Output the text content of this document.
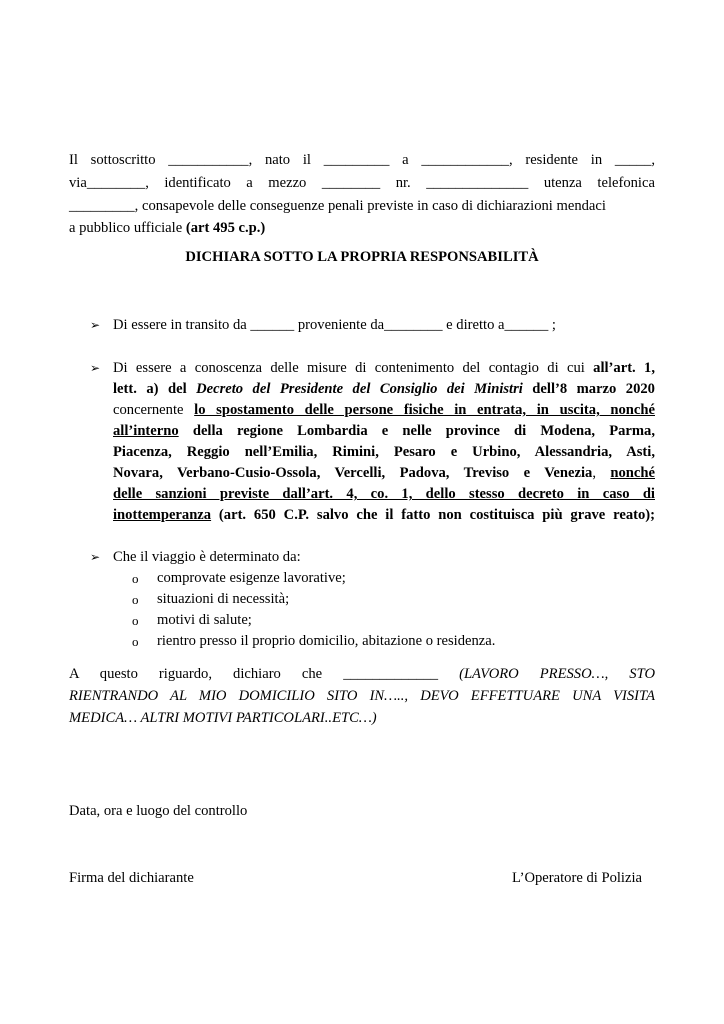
Il sottoscritto ___________, nato il _________ a ____________, residente in _____,
via________, identificato a mezzo ________ nr. ______________ utenza telefonica
_________, consapevole delle conseguenze penali previste in caso di dichiarazioni mendaci
a pubblico ufficiale (art 495 c.p.)
DICHIARA SOTTO LA PROPRIA RESPONSABILITÀ
➢ Di essere in transito da ______ proveniente da________ e diretto a______ ;
➢ Di essere a conoscenza delle misure di contenimento del contagio di cui all’art. 1,
lett. a) del Decreto del Presidente del Consiglio dei Ministri dell’8 marzo 2020
concernente lo spostamento delle persone fisiche in entrata, in uscita, nonché
all’interno della regione Lombardia e nelle province di Modena, Parma,
Piacenza, Reggio nell’Emilia, Rimini, Pesaro e Urbino, Alessandria, Asti,
Novara, Verbano-Cusio-Ossola, Vercelli, Padova, Treviso e Venezia, nonché
delle sanzioni previste dall’art. 4, co. 1, dello stesso decreto in caso di
inottemperanza (art. 650 C.P. salvo che il fatto non costituisca più grave reato);
➢ Che il viaggio è determinato da:
o comprovate esigenze lavorative;
o situazioni di necessità;
o motivi di salute;
o rientro presso il proprio domicilio, abitazione o residenza.
A questo riguardo, dichiaro che _____________ (LAVORO PRESSO…, STO
RIENTRANDO AL MIO DOMICILIO SITO IN….., DEVO EFFETTUARE UNA VISITA
MEDICA… ALTRI MOTIVI PARTICOLARI..ETC…)
Data, ora e luogo del controllo
Firma del dichiarante	L’Operatore di Polizia
